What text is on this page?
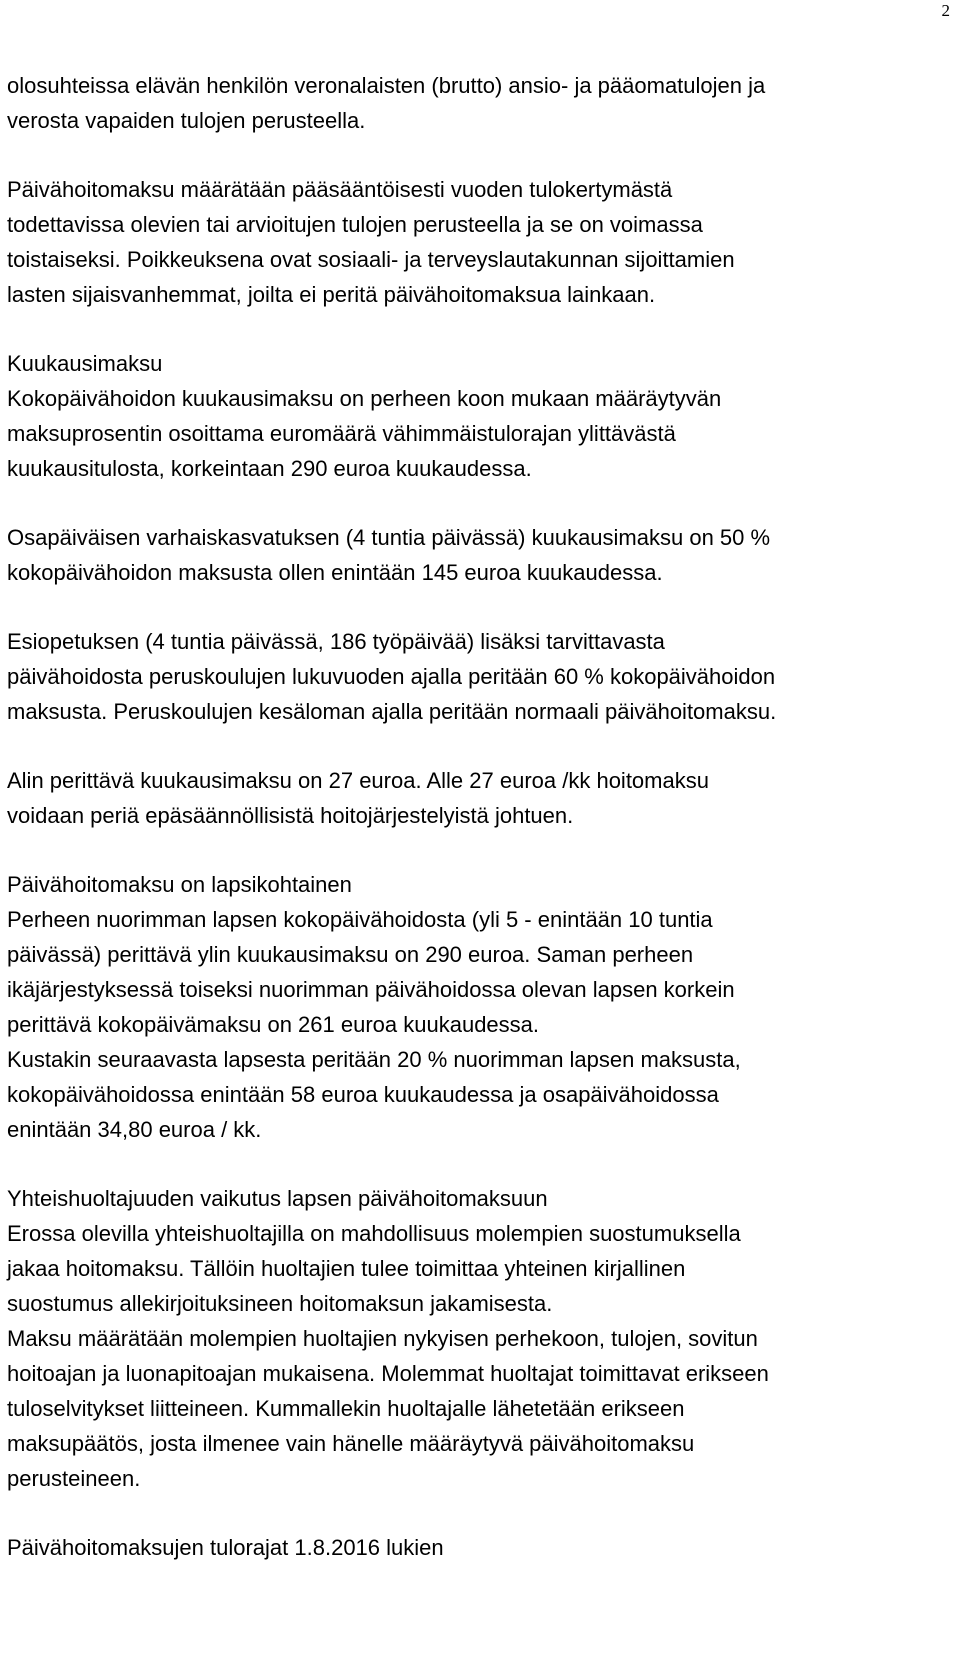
2
olosuhteissa elävän henkilön veronalaisten (brutto) ansio- ja pääomatulojen ja
verosta vapaiden tulojen perusteella.
Päivähoitomaksu määrätään pääsääntöisesti vuoden tulokertymästä
todettavissa olevien tai arvioitujen tulojen perusteella ja se on voimassa
toistaiseksi. Poikkeuksena ovat sosiaali- ja terveyslautakunnan sijoittamien
lasten sijaisvanhemmat, joilta ei peritä päivähoitomaksua lainkaan.
Kuukausimaksu
Kokopäivähoidon kuukausimaksu on perheen koon mukaan määräytyvän
maksuprosentin osoittama euromäärä vähimmäistulorajan ylittävästä
kuukausitulosta, korkeintaan 290 euroa kuukaudessa.
Osapäiväisen varhaiskasvatuksen (4 tuntia päivässä) kuukausimaksu on 50 %
kokopäivähoidon maksusta ollen enintään 145 euroa kuukaudessa.
Esiopetuksen (4 tuntia päivässä, 186 työpäivää) lisäksi tarvittavasta
päivähoidosta peruskoulujen lukuvuoden ajalla peritään 60 % kokopäivähoidon
maksusta. Peruskoulujen kesäloman ajalla peritään normaali päivähoitomaksu.
Alin perittävä kuukausimaksu on 27 euroa. Alle 27 euroa /kk hoitomaksu
voidaan periä epäsäännöllisistä hoitojärjestelyistä johtuen.
Päivähoitomaksu on lapsikohtainen
Perheen nuorimman lapsen kokopäivähoidosta (yli 5 - enintään 10 tuntia
päivässä) perittävä ylin kuukausimaksu on 290 euroa. Saman perheen
ikäjärjestyksessä toiseksi nuorimman päivähoidossa olevan lapsen korkein
perittävä kokopäivämaksu on 261 euroa kuukaudessa.
Kustakin seuraavasta lapsesta peritään 20 % nuorimman lapsen maksusta,
kokopäivähoidossa enintään 58 euroa kuukaudessa ja osapäivähoidossa
enintään 34,80 euroa / kk.
Yhteishuoltajuuden vaikutus lapsen päivähoitomaksuun
Erossa olevilla yhteishuoltajilla on mahdollisuus molempien suostumuksella
jakaa hoitomaksu. Tällöin huoltajien tulee toimittaa yhteinen kirjallinen
suostumus allekirjoituksineen hoitomaksun jakamisesta.
Maksu määrätään molempien huoltajien nykyisen perhekoon, tulojen, sovitun
hoitoajan ja luonapitoajan mukaisena. Molemmat huoltajat toimittavat erikseen
tuloselvitykset liitteineen. Kummallekin huoltajalle lähetetään erikseen
maksupäätös, josta ilmenee vain hänelle määräytyvä päivähoitomaksu
perusteineen.
Päivähoitomaksujen tulorajat 1.8.2016 lukien
